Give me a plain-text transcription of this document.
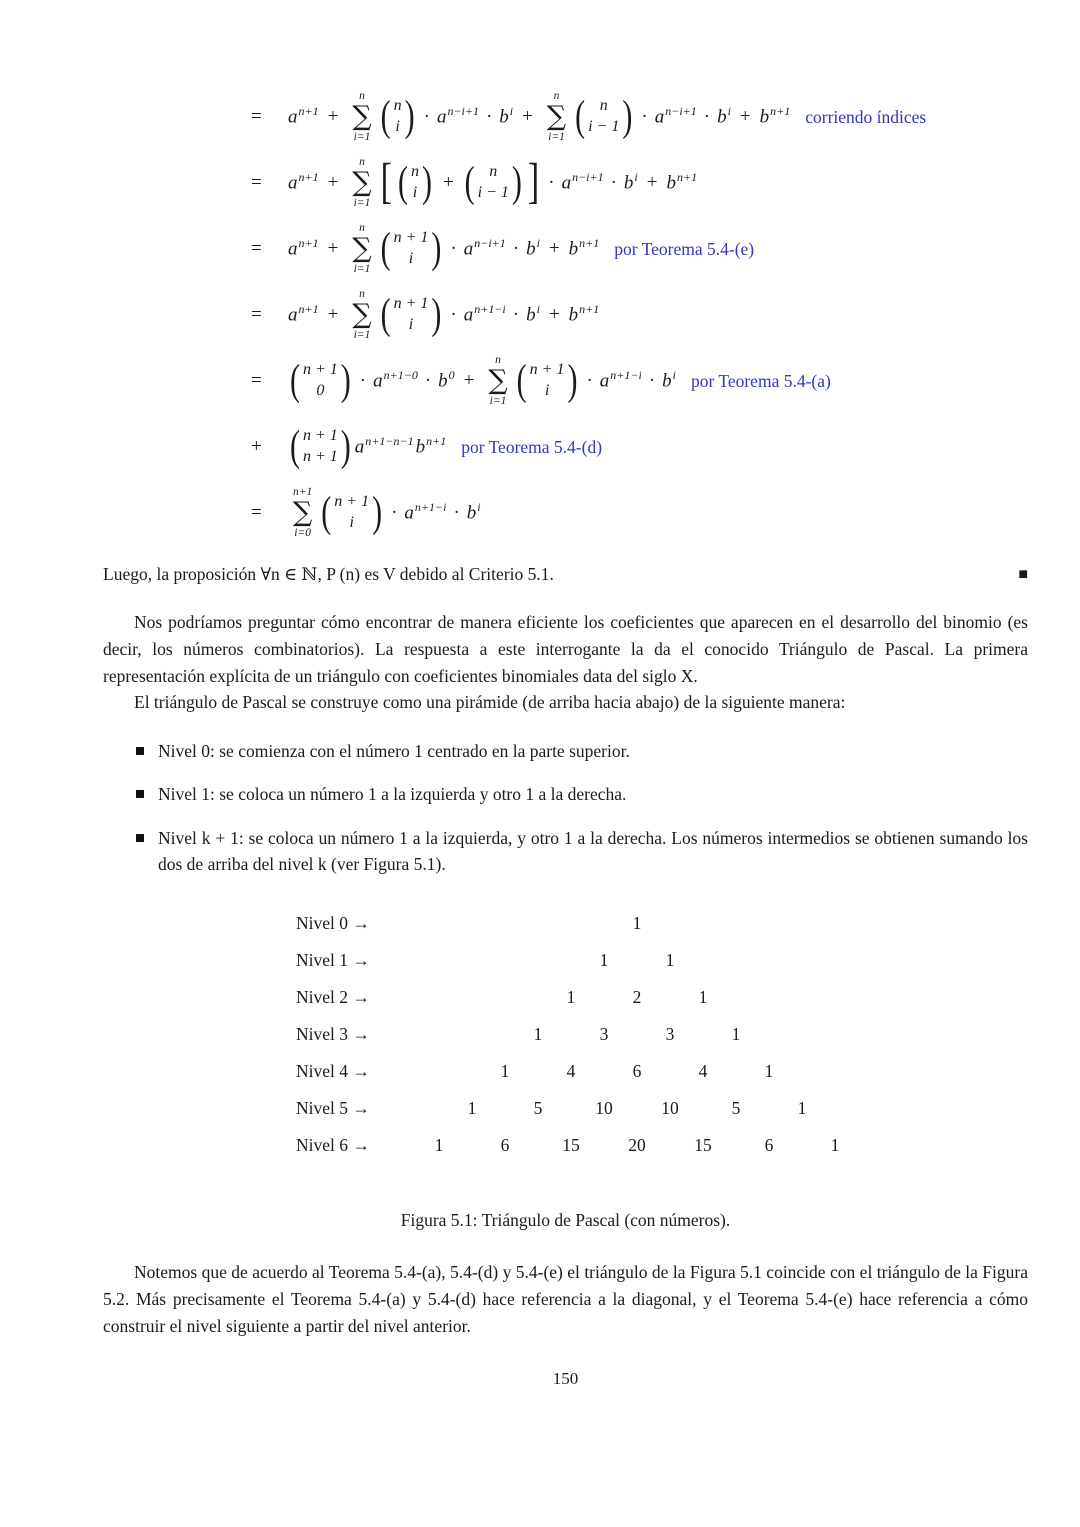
=	$a^{n+1}$ +
n
∑
i=1 ( n
i ) · $a^{n-i+1} \cdot b^i$ +
n
∑
i=1 ( n
i − 1 ) · $a^{n-i+1} \cdot b^i + b^{n+1}$ corriendo índices
=	$a^{n+1}$ +
n
∑
i=1 [ ( n
i ) + ( n
i − 1 ) ] · $a^{n-i+1} \cdot b^i + b^{n+1}$
=	$a^{n+1}$ +
n
∑
i=1 ( n + 1
i ) · $a^{n-i+1} \cdot b^i + b^{n+1}$ por Teorema 5.4-(e)
=	$a^{n+1}$ +
n
∑
i=1 ( n + 1
i ) · $a^{n+1-i} \cdot b^i + b^{n+1}$
= ( n + 1
0 ) · $a^{n+1-0} \cdot b^0$ +
n
∑
i=1 ( n + 1
i ) · $a^{n+1-i} \cdot b^i$ por Teorema 5.4-(a)
+ ( n + 1
n + 1 ) $a^{n+1-n-1}$ $b^{n+1}$ por Teorema 5.4-(d)
=
n+1
∑
i=0 ( n + 1
i ) · $a^{n+1-i} \cdot b^i$
Luego, la proposición ∀n ∈ ℕ, P (n) es V debido al Criterio 5.1.	■

Nos podríamos preguntar cómo encontrar de manera eficiente los coeficientes que aparecen en el desarrollo del binomio (es decir, los números combinatorios). La respuesta a este interrogante la da el conocido Triángulo de Pascal. La primera representación explícita de un triángulo con coeficientes binomiales data del siglo X.

El triángulo de Pascal se construye como una pirámide (de arriba hacia abajo) de la siguiente manera:

Nivel 0: se comienza con el número 1 centrado en la parte superior.
Nivel 1: se coloca un número 1 a la izquierda y otro 1 a la derecha.
Nivel k + 1: se coloca un número 1 a la izquierda, y otro 1 a la derecha. Los números intermedios se obtienen sumando los dos de arriba del nivel k (ver Figura 5.1).
Nivel 0 →	1
Nivel 1 →	1	1
Nivel 2 →	1	2	1
Nivel 3 →	1	3	3	1
Nivel 4 →	1	4	6	4	1
Nivel 5 →	1	5	10	10	5	1
Nivel 6 →	1	6	15	20	15	6	1
Figura 5.1: Triángulo de Pascal (con números).

Notemos que de acuerdo al Teorema 5.4-(a), 5.4-(d) y 5.4-(e) el triángulo de la Figura 5.1 coincide con el triángulo de la Figura 5.2. Más precisamente el Teorema 5.4-(a) y 5.4-(d) hace referencia a la diagonal, y el Teorema 5.4-(e) hace referencia a cómo construir el nivel siguiente a partir del nivel anterior.

150
